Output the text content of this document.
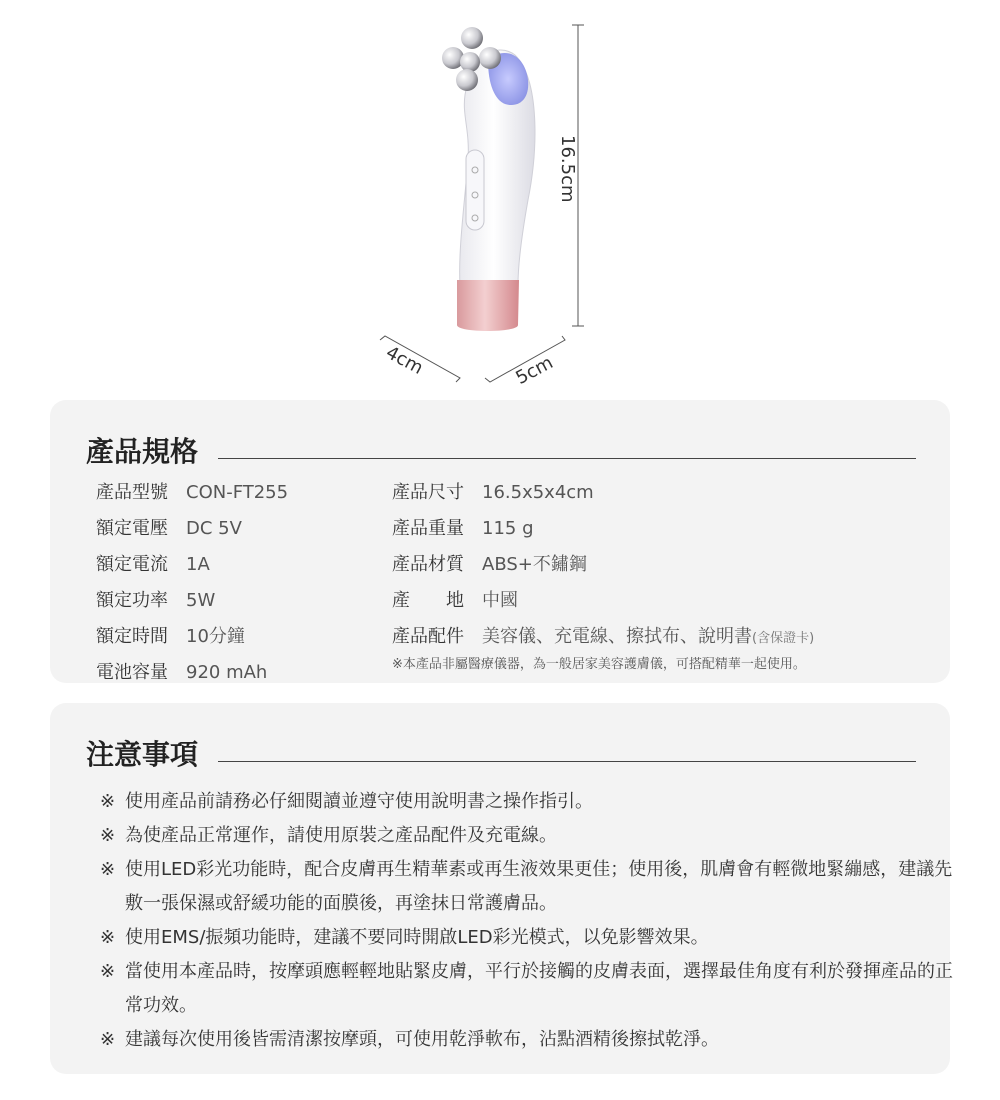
16.5cm
4cm	5cm
產品規格
產品型號 CON-FT255
額定電壓 DC 5V
額定電流 1A
額定功率 5W
額定時間 10分鐘
電池容量 920 mAh
產品尺寸 16.5x5x4cm
產品重量 115 g
產品材質 ABS+不鏽鋼
產　　地 中國
產品配件 美容儀、充電線、擦拭布、說明書 (含保證卡)
※本產品非屬醫療儀器，為一般居家美容護膚儀，可搭配精華一起使用。
注意事項
※ 使用產品前請務必仔細閱讀並遵守使用說明書之操作指引。
※ 為使產品正常運作，請使用原裝之產品配件及充電線。
※ 使用LED彩光功能時，配合皮膚再生精華素或再生液效果更佳；使用後，肌膚會有輕微地緊繃感，建議先敷一張保濕或舒緩功能的面膜後，再塗抹日常護膚品。
※ 使用EMS/振頻功能時，建議不要同時開啟LED彩光模式，以免影響效果。
※ 當使用本產品時，按摩頭應輕輕地貼緊皮膚，平行於接觸的皮膚表面，選擇最佳角度有利於發揮產品的正常功效。
※ 建議每次使用後皆需清潔按摩頭，可使用乾淨軟布，沾點酒精後擦拭乾淨。
